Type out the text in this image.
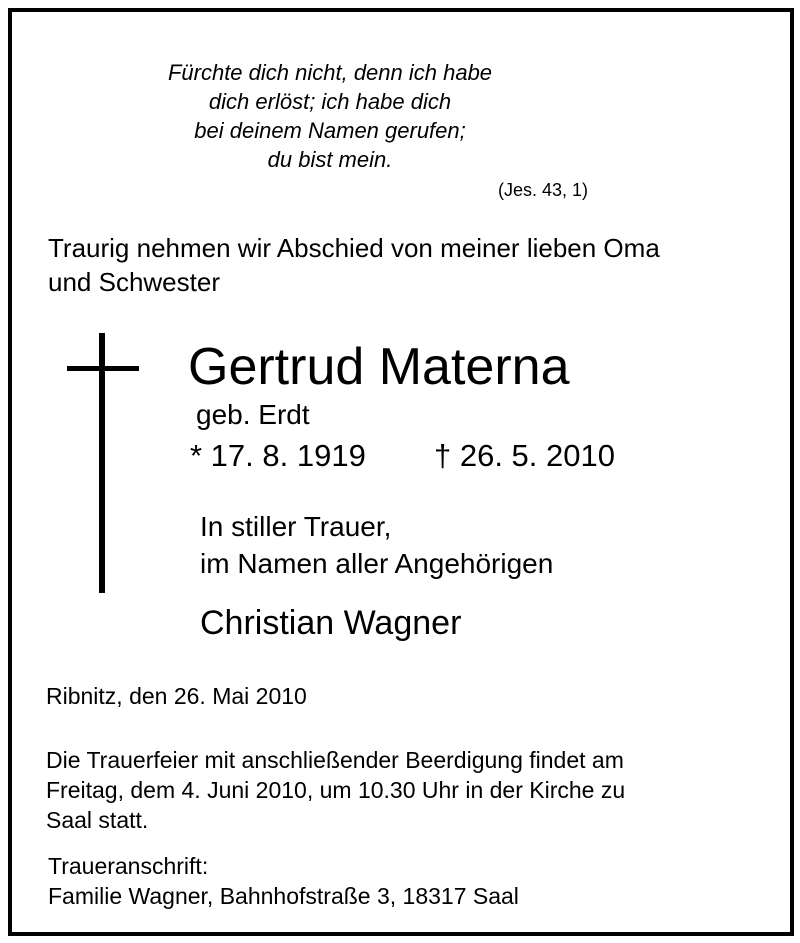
Fürchte dich nicht, denn ich habe
dich erlöst; ich habe dich
bei deinem Namen gerufen;
du bist mein.
(Jes. 43, 1)
Traurig nehmen wir Abschied von meiner lieben Oma
und Schwester
Gertrud Materna
geb. Erdt
* 17. 8. 1919 † 26. 5. 2010
In stiller Trauer,
im Namen aller Angehörigen
Christian Wagner
Ribnitz, den 26. Mai 2010
Die Trauerfeier mit anschließender Beerdigung findet am
Freitag, dem 4. Juni 2010, um 10.30 Uhr in der Kirche zu
Saal statt.
Traueranschrift:
Familie Wagner, Bahnhofstraße 3, 18317 Saal
